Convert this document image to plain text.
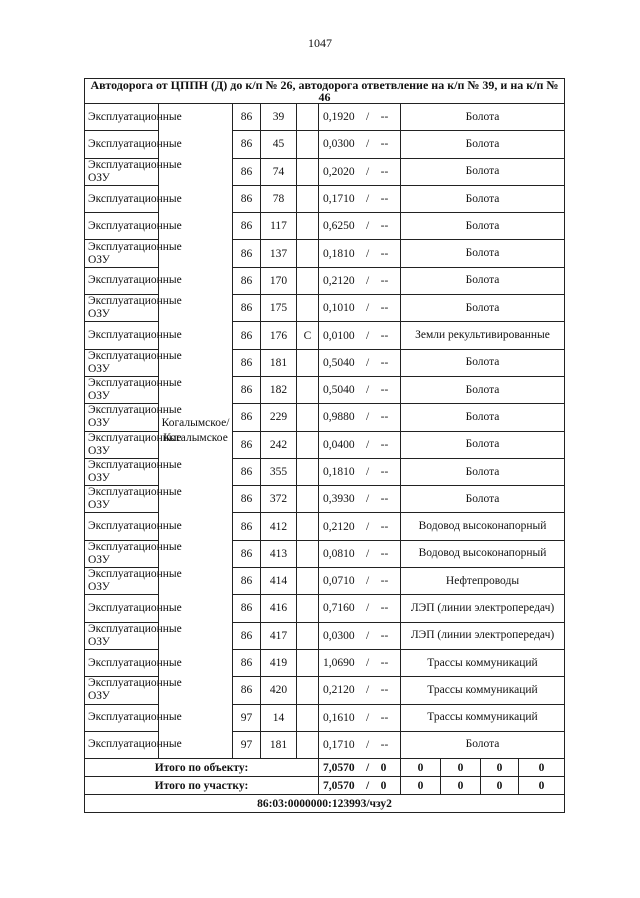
1047
Автодорога от ЦППН (Д) до к/п № 26, автодорога ответвление на к/п № 39, и на к/п № 46									
Эксплуатационные	Когалымское/ Когалымское	86	39		0,1920 / --	Болота			
Эксплуатационные		86	45		0,0300 / --	Болота			
Эксплуатационные ОЗУ		86	74		0,2020 / --	Болота			
Эксплуатационные		86	78		0,1710 / --	Болота			
Эксплуатационные		86	117		0,6250 / --	Болота			
Эксплуатационные ОЗУ		86	137		0,1810 / --	Болота			
Эксплуатационные		86	170		0,2120 / --	Болота			
Эксплуатационные ОЗУ		86	175		0,1010 / --	Болота			
Эксплуатационные		86	176	С	0,0100 / --	Земли рекультивированные			
Эксплуатационные ОЗУ		86	181		0,5040 / --	Болота			
Эксплуатационные ОЗУ		86	182		0,5040 / --	Болота			
Эксплуатационные ОЗУ		86	229		0,9880 / --	Болота			
Эксплуатационные ОЗУ		86	242		0,0400 / --	Болота			
Эксплуатационные ОЗУ		86	355		0,1810 / --	Болота			
Эксплуатационные ОЗУ		86	372		0,3930 / --	Болота			
Эксплуатационные		86	412		0,2120 / --	Водовод высоконапорный			
Эксплуатационные ОЗУ		86	413		0,0810 / --	Водовод высоконапорный			
Эксплуатационные ОЗУ		86	414		0,0710 / --	Нефтепроводы			
Эксплуатационные		86	416		0,7160 / --	ЛЭП (линии электропередач)			
Эксплуатационные ОЗУ		86	417		0,0300 / --	ЛЭП (линии электропередач)			
Эксплуатационные		86	419		1,0690 / --	Трассы коммуникаций			
Эксплуатационные ОЗУ		86	420		0,2120 / --	Трассы коммуникаций			
Эксплуатационные		97	14		0,1610 / --	Трассы коммуникаций			
Эксплуатационные		97	181		0,1710 / --	Болота			
Итого по объекту:					7,0570 / 0	0	0	0	0
Итого по участку:					7,0570 / 0	0	0	0	0
86:03:0000000:123993/чзу2									
